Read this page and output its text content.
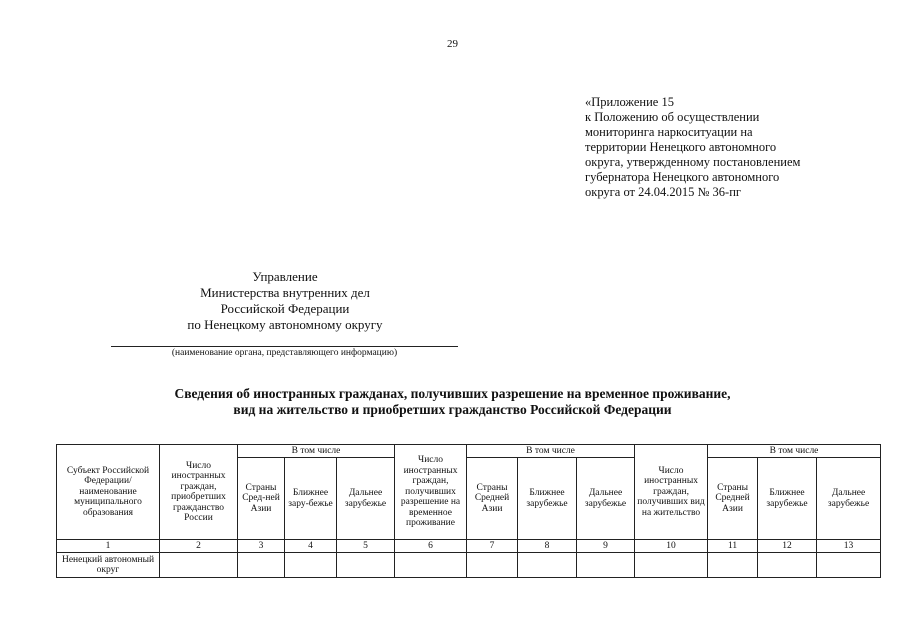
29
«Приложение 15
к Положению об осуществлении
мониторинга наркоситуации на
территории Ненецкого автономного
округа, утвержденному постановлением
губернатора Ненецкого автономного
округа от 24.04.2015 № 36-пг
Управление
Министерства внутренних дел
Российской Федерации
по Ненецкому автономному округу
(наименование органа, представляющего информацию)
Сведения об иностранных гражданах, получивших разрешение на временное проживание,
вид на жительство и приобретших гражданство Российской Федерации
Субъект Российской Федерации/ наименование муниципального образования	Число иностранных граждан, приобретших гражданство России	В том числе			Число иностранных граждан, получивших разрешение на временное проживание	В том числе			Число иностранных граждан, получивших вид на жительство	В том числе		
		Страны Сред-ней Азии	Ближнее зару-бежье	Дальнее зарубежье		Страны Средней Азии	Ближнее зарубежье	Дальнее зарубежье		Страны Средней Азии	Ближнее зарубежье	Дальнее зарубежье
1	2	3	4	5	6	7	8	9	10	11	12	13
Ненецкий автономный округ												
